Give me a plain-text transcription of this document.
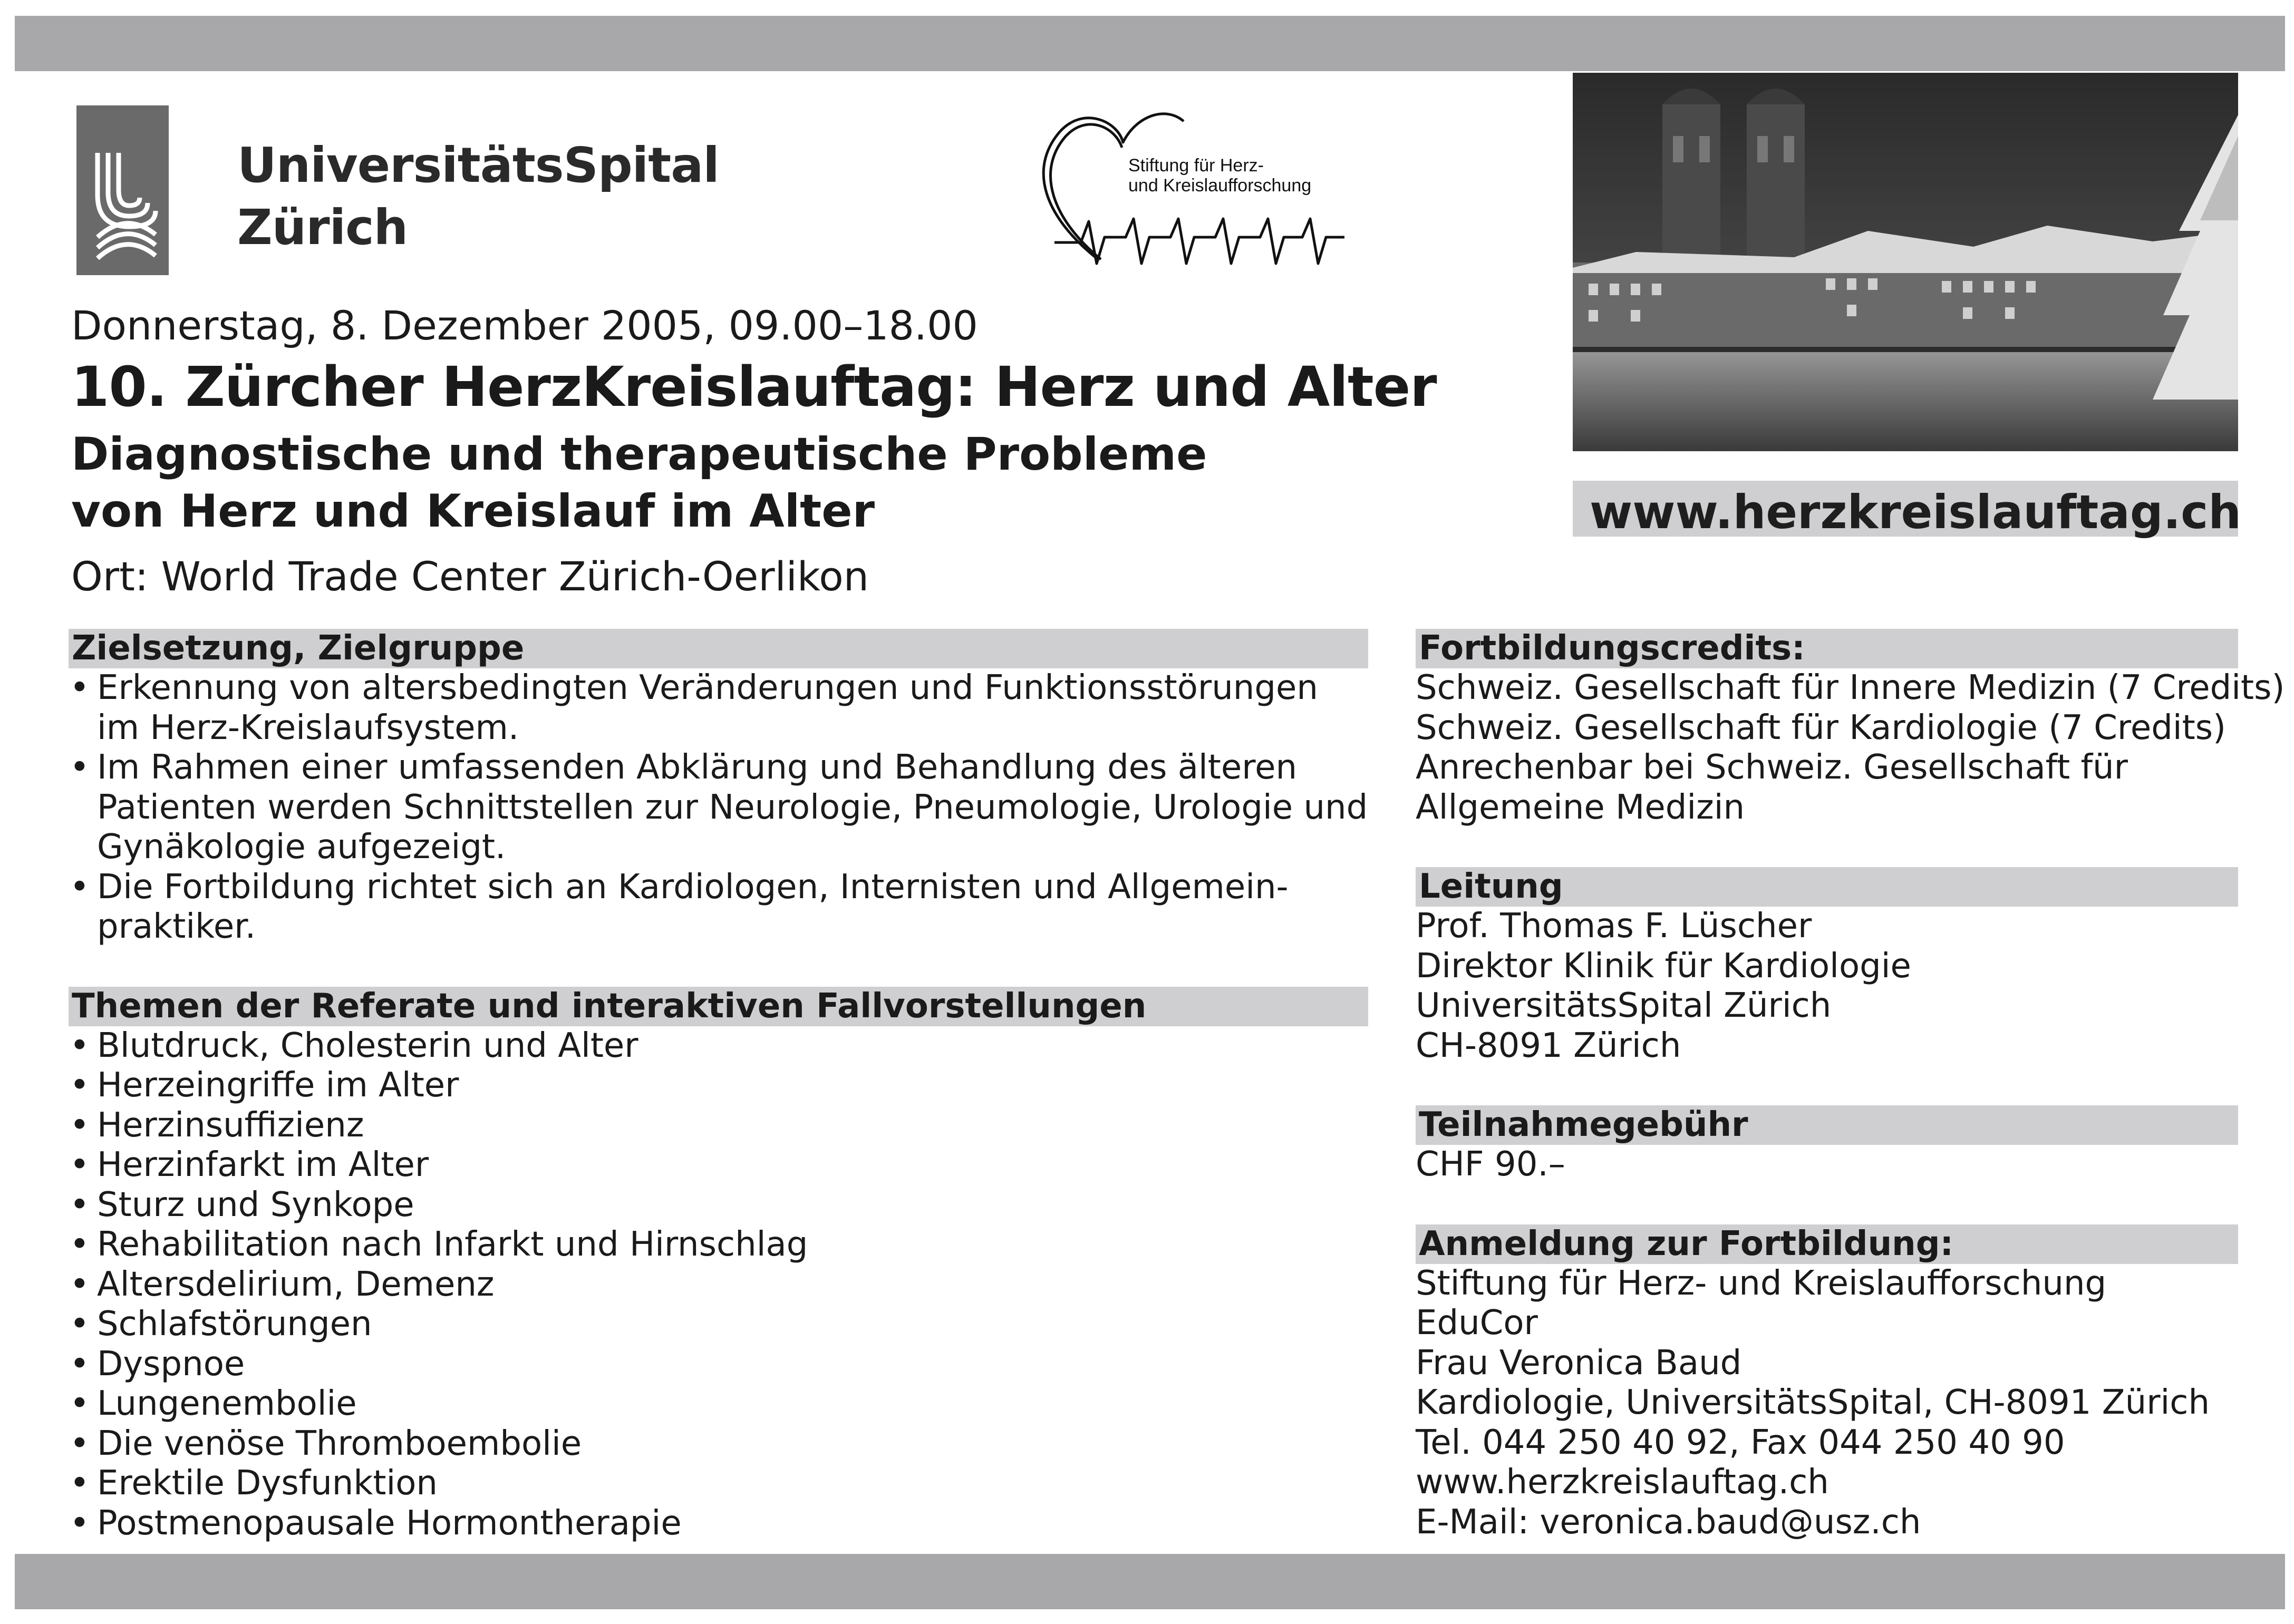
UniversitätsSpital
Zürich
Stiftung für Herz-
und Kreislaufforschung
www.herzkreislauftag.ch
Donnerstag, 8. Dezember 2005, 09.00–18.00
10. Zürcher HerzKreislauftag: Herz und Alter
Diagnostische und therapeutische Probleme
von Herz und Kreislauf im Alter
Ort: World Trade Center Zürich-Oerlikon
Zielsetzung, Zielgruppe
• Erkennung von altersbedingten Veränderungen und Funktionsstörungen im Herz-Kreislaufsystem.
• Im Rahmen einer umfassenden Abklärung und Behandlung des älteren Patienten werden Schnittstellen zur Neurologie, Pneumologie, Urologie und Gynäkologie aufgezeigt.
• Die Fortbildung richtet sich an Kardiologen, Internisten und Allgemein-praktiker.
Themen der Referate und interaktiven Fallvorstellungen
• Blutdruck, Cholesterin und Alter
• Herzeingriffe im Alter
• Herzinsuffizienz
• Herzinfarkt im Alter
• Sturz und Synkope
• Rehabilitation nach Infarkt und Hirnschlag
• Altersdelirium, Demenz
• Schlafstörungen
• Dyspnoe
• Lungenembolie
• Die venöse Thromboembolie
• Erektile Dysfunktion
• Postmenopausale Hormontherapie
Fortbildungscredits:
Schweiz. Gesellschaft für Innere Medizin (7 Credits)
Schweiz. Gesellschaft für Kardiologie (7 Credits)
Anrechenbar bei Schweiz. Gesellschaft für
Allgemeine Medizin
Leitung
Prof. Thomas F. Lüscher
Direktor Klinik für Kardiologie
UniversitätsSpital Zürich
CH-8091 Zürich
Teilnahmegebühr
CHF 90.–
Anmeldung zur Fortbildung:
Stiftung für Herz- und Kreislaufforschung
EduCor
Frau Veronica Baud
Kardiologie, UniversitätsSpital, CH-8091 Zürich
Tel. 044 250 40 92, Fax 044 250 40 90
www.herzkreislauftag.ch
E-Mail: veronica.baud@usz.ch
